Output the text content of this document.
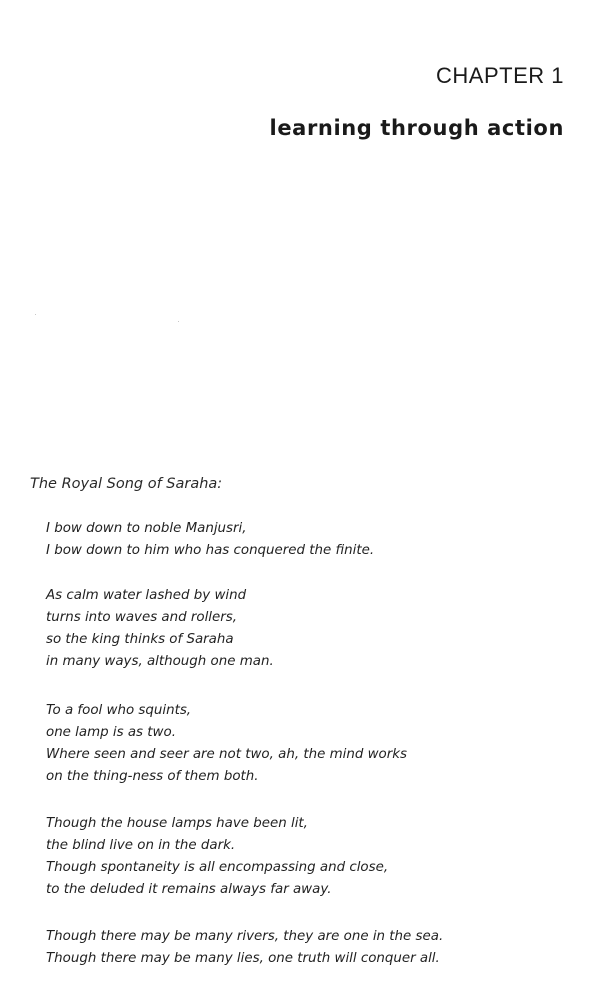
CHAPTER 1
learning through action

The Royal Song of Saraha:

I bow down to noble Manjusri,
I bow down to him who has conquered the finite.
As calm water lashed by wind
turns into waves and rollers,
so the king thinks of Saraha
in many ways, although one man.
To a fool who squints,
one lamp is as two.
Where seen and seer are not two, ah, the mind works
on the thing-ness of them both.
Though the house lamps have been lit,
the blind live on in the dark.
Though spontaneity is all encompassing and close,
to the deluded it remains always far away.
Though there may be many rivers, they are one in the sea.
Though there may be many lies, one truth will conquer all.
